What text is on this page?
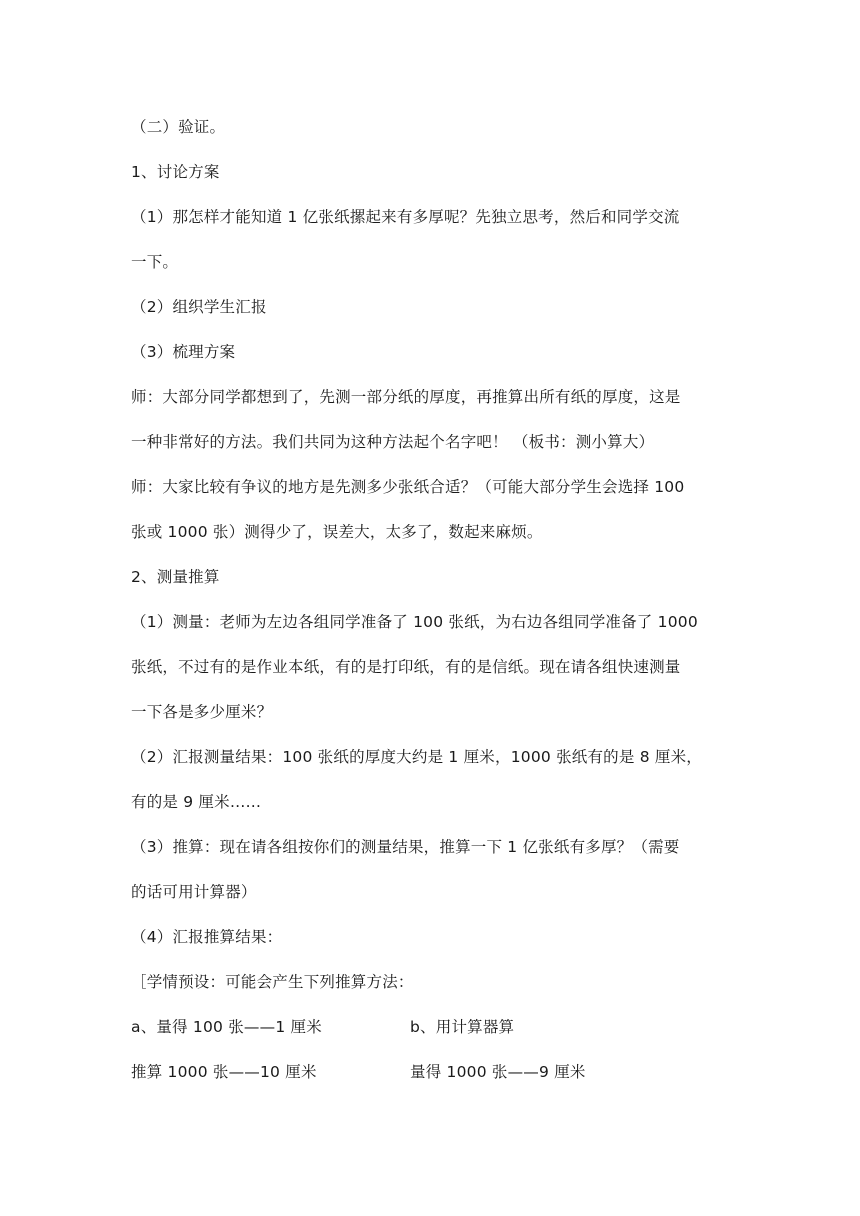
（二）验证。
1、讨论方案
（1）那怎样才能知道 1 亿张纸摞起来有多厚呢？先独立思考，然后和同学交流
一下。
（2）组织学生汇报
（3）梳理方案
师：大部分同学都想到了，先测一部分纸的厚度，再推算出所有纸的厚度，这是
一种非常好的方法。我们共同为这种方法起个名字吧！ （板书：测小算大）
师：大家比较有争议的地方是先测多少张纸合适？（可能大部分学生会选择 100
张或 1000 张）测得少了，误差大，太多了，数起来麻烦。
2、测量推算
（1）测量：老师为左边各组同学准备了 100 张纸，为右边各组同学准备了 1000
张纸，不过有的是作业本纸，有的是打印纸，有的是信纸。现在请各组快速测量
一下各是多少厘米？
（2）汇报测量结果：100 张纸的厚度大约是 1 厘米，1000 张纸有的是 8 厘米，
有的是 9 厘米……
（3）推算：现在请各组按你们的测量结果，推算一下 1 亿张纸有多厚？（需要
的话可用计算器）
（4）汇报推算结果：
［学情预设：可能会产生下列推算方法：
a、量得 100 张——1 厘米	b、用计算器算
推算 1000 张——10 厘米	量得 1000 张——9 厘米
